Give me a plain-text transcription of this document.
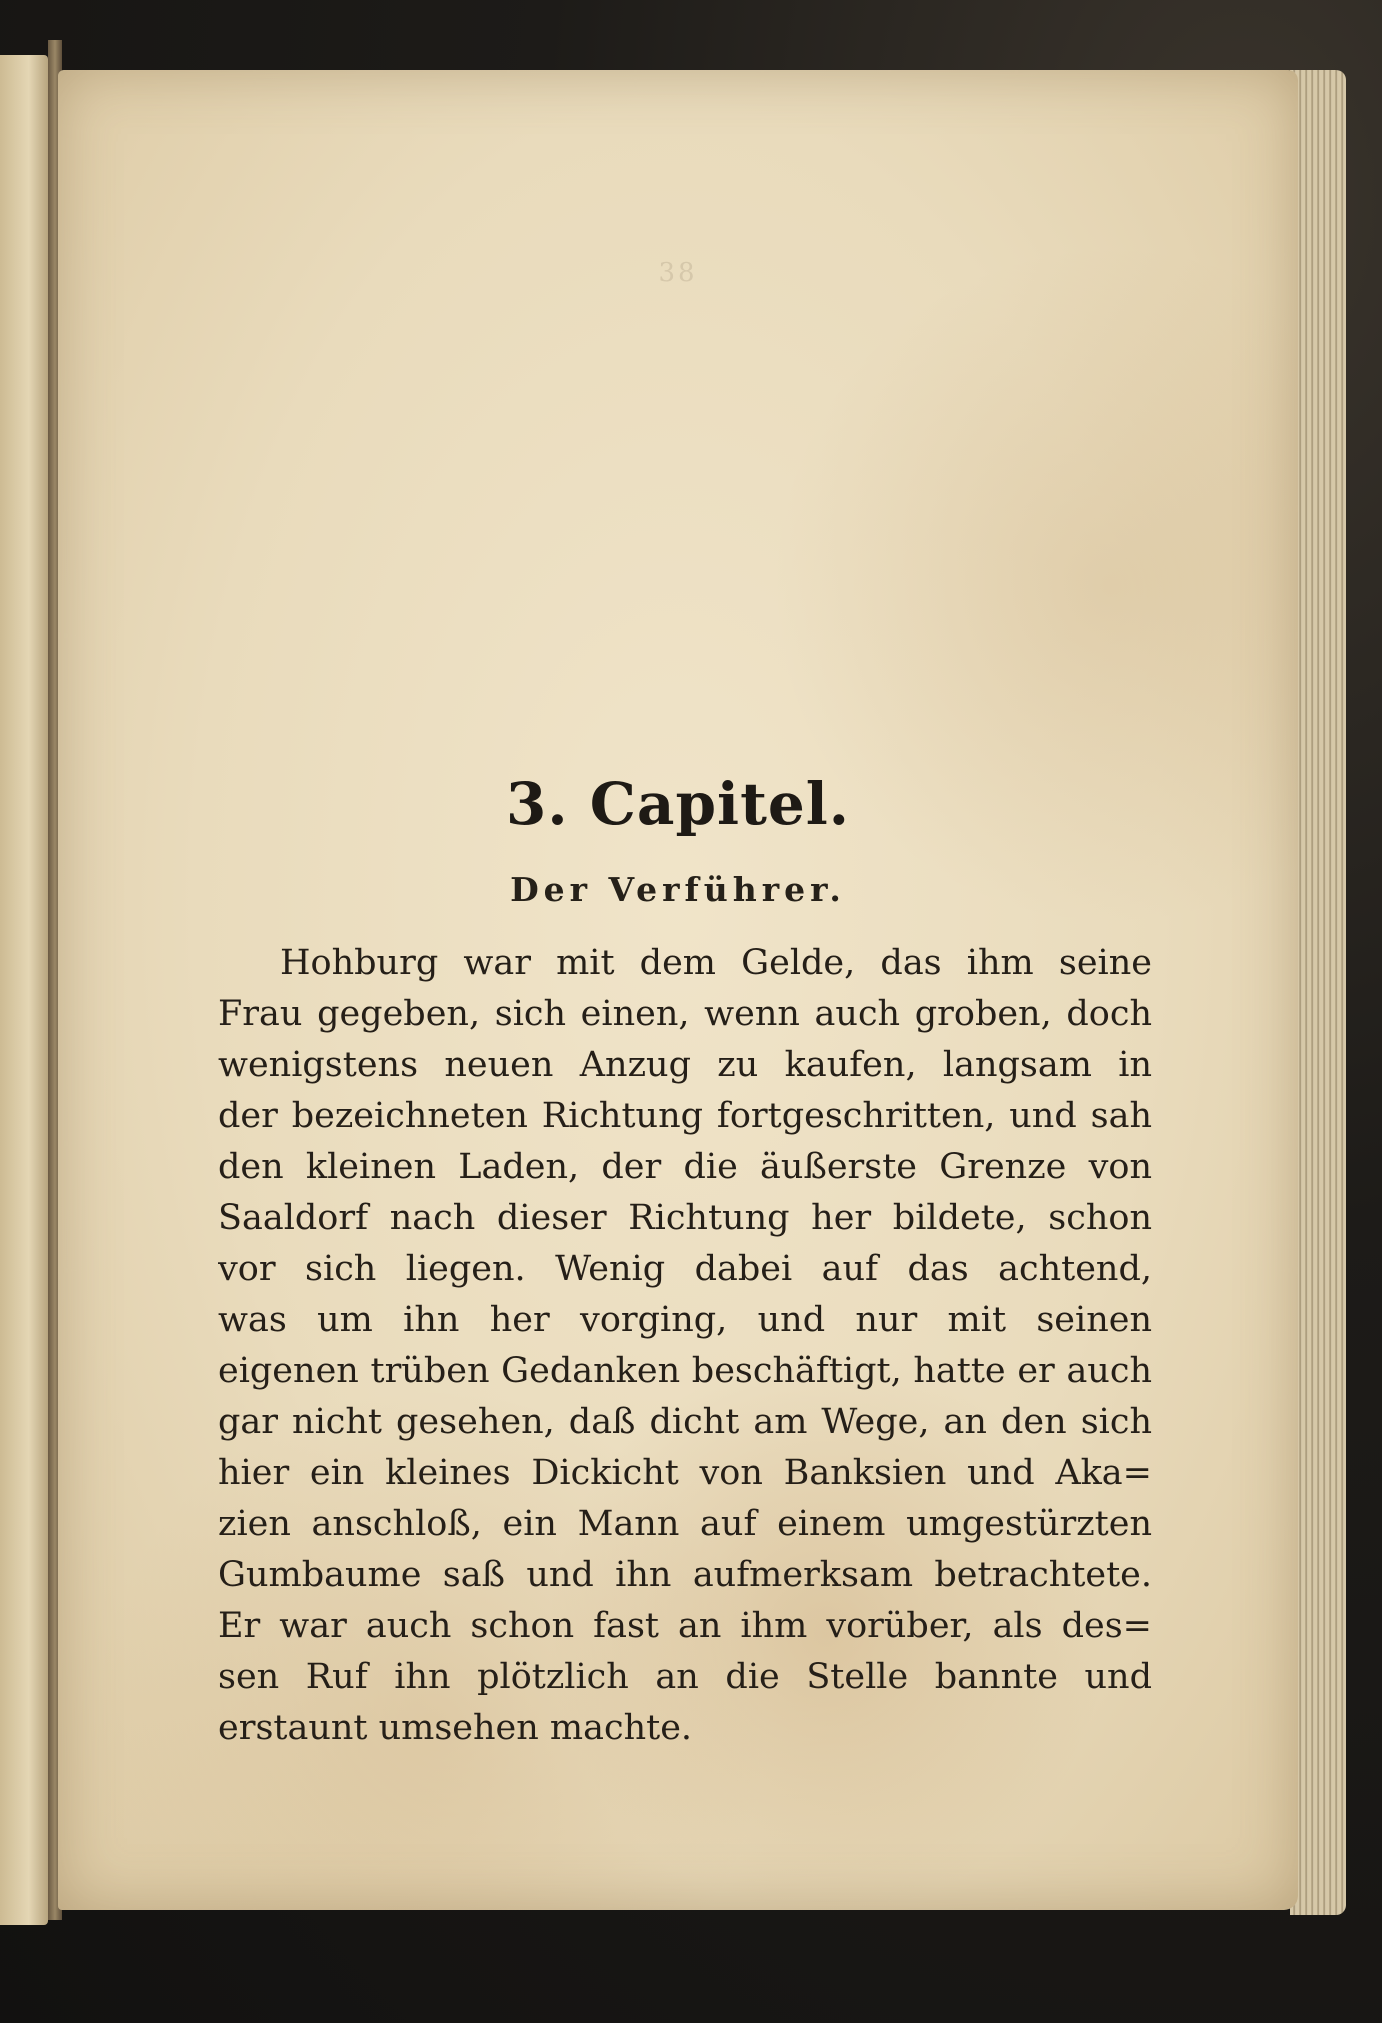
38
3. Capitel.
Der Verführer.
Hohburg war mit dem Gelde, das ihm seine
Frau gegeben, sich einen, wenn auch groben, doch
wenigstens neuen Anzug zu kaufen, langsam in
der bezeichneten Richtung fortgeschritten, und sah
den kleinen Laden, der die äußerste Grenze von
Saaldorf nach dieser Richtung her bildete, schon
vor sich liegen. Wenig dabei auf das achtend,
was um ihn her vorging, und nur mit seinen
eigenen trüben Gedanken beschäftigt, hatte er auch
gar nicht gesehen, daß dicht am Wege, an den sich
hier ein kleines Dickicht von Banksien und Aka=
zien anschloß, ein Mann auf einem umgestürzten
Gumbaume saß und ihn aufmerksam betrachtete.
Er war auch schon fast an ihm vorüber, als des=
sen Ruf ihn plötzlich an die Stelle bannte und
erstaunt umsehen machte.
